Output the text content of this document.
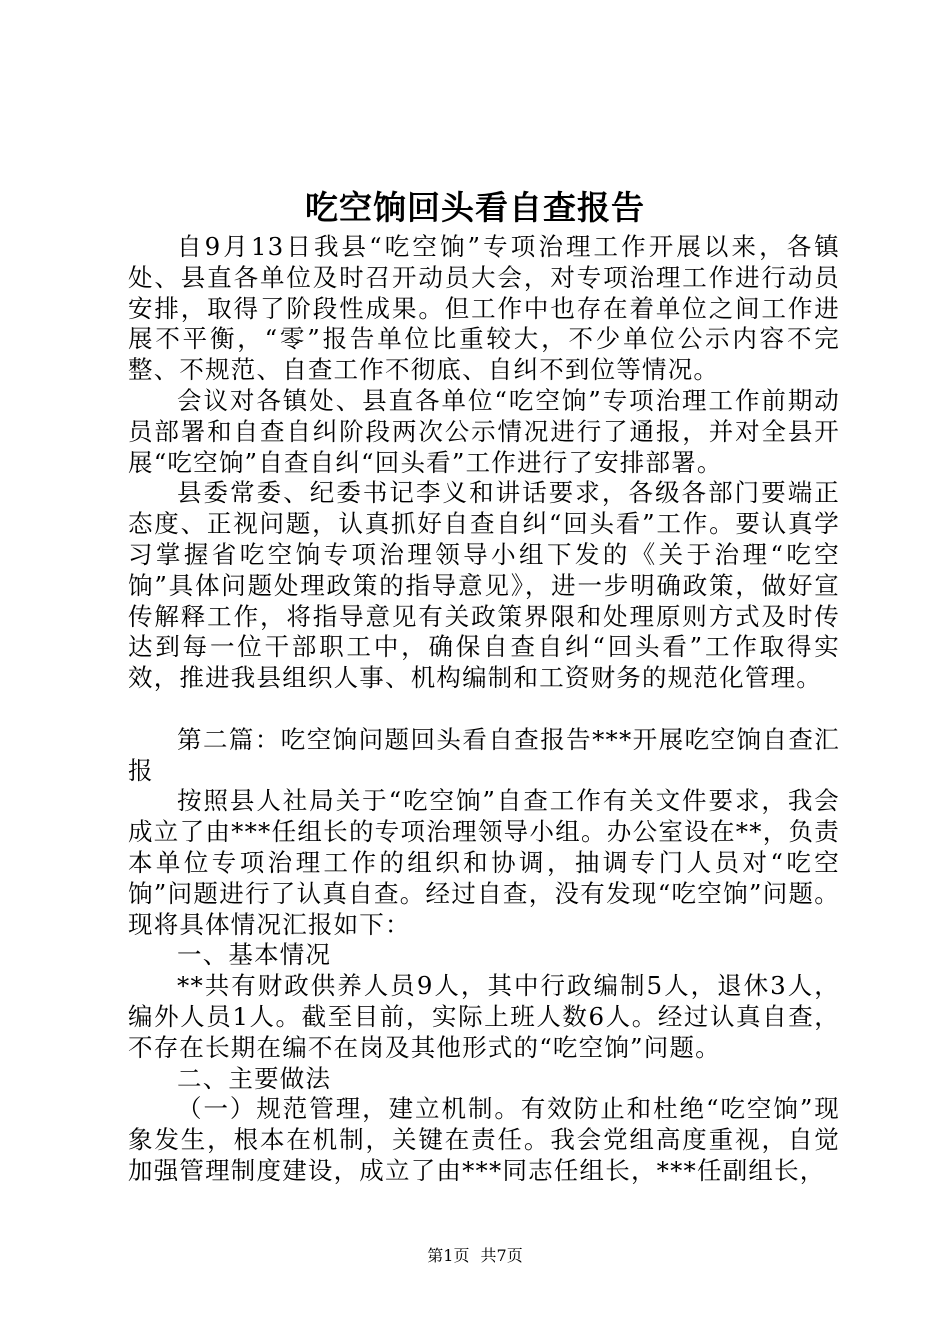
吃空饷回头看自查报告

自9月13日我县“吃空饷”专项治理工作开展以来，各镇处、县直各单位及时召开动员大会，对专项治理工作进行动员安排，取得了阶段性成果。但工作中也存在着单位之间工作进展不平衡，“零”报告单位比重较大，不少单位公示内容不完整、不规范、自查工作不彻底、自纠不到位等情况。

会议对各镇处、县直各单位“吃空饷”专项治理工作前期动员部署和自查自纠阶段两次公示情况进行了通报，并对全县开展“吃空饷”自查自纠“回头看”工作进行了安排部署。

县委常委、纪委书记李义和讲话要求，各级各部门要端正态度、正视问题，认真抓好自查自纠“回头看”工作。要认真学习掌握省吃空饷专项治理领导小组下发的《关于治理“吃空饷”具体问题处理政策的指导意见》，进一步明确政策，做好宣传解释工作，将指导意见有关政策界限和处理原则方式及时传达到每一位干部职工中，确保自查自纠“回头看”工作取得实效，推进我县组织人事、机构编制和工资财务的规范化管理。

第二篇：吃空饷问题回头看自查报告***开展吃空饷自查汇报

按照县人社局关于“吃空饷”自查工作有关文件要求，我会成立了由***任组长的专项治理领导小组。办公室设在**，负责本单位专项治理工作的组织和协调，抽调专门人员对“吃空饷”问题进行了认真自查。经过自查，没有发现“吃空饷”问题。现将具体情况汇报如下：

一、基本情况

**共有财政供养人员9人，其中行政编制5人，退休3人，编外人员1人。截至目前，实际上班人数6人。经过认真自查，不存在长期在编不在岗及其他形式的“吃空饷”问题。

二、主要做法

（一）规范管理，建立机制。有效防止和杜绝“吃空饷”现象发生，根本在机制，关键在责任。我会党组高度重视，自觉加强管理制度建设，成立了由***同志任组长，***任副组长，

第1页 共7页
